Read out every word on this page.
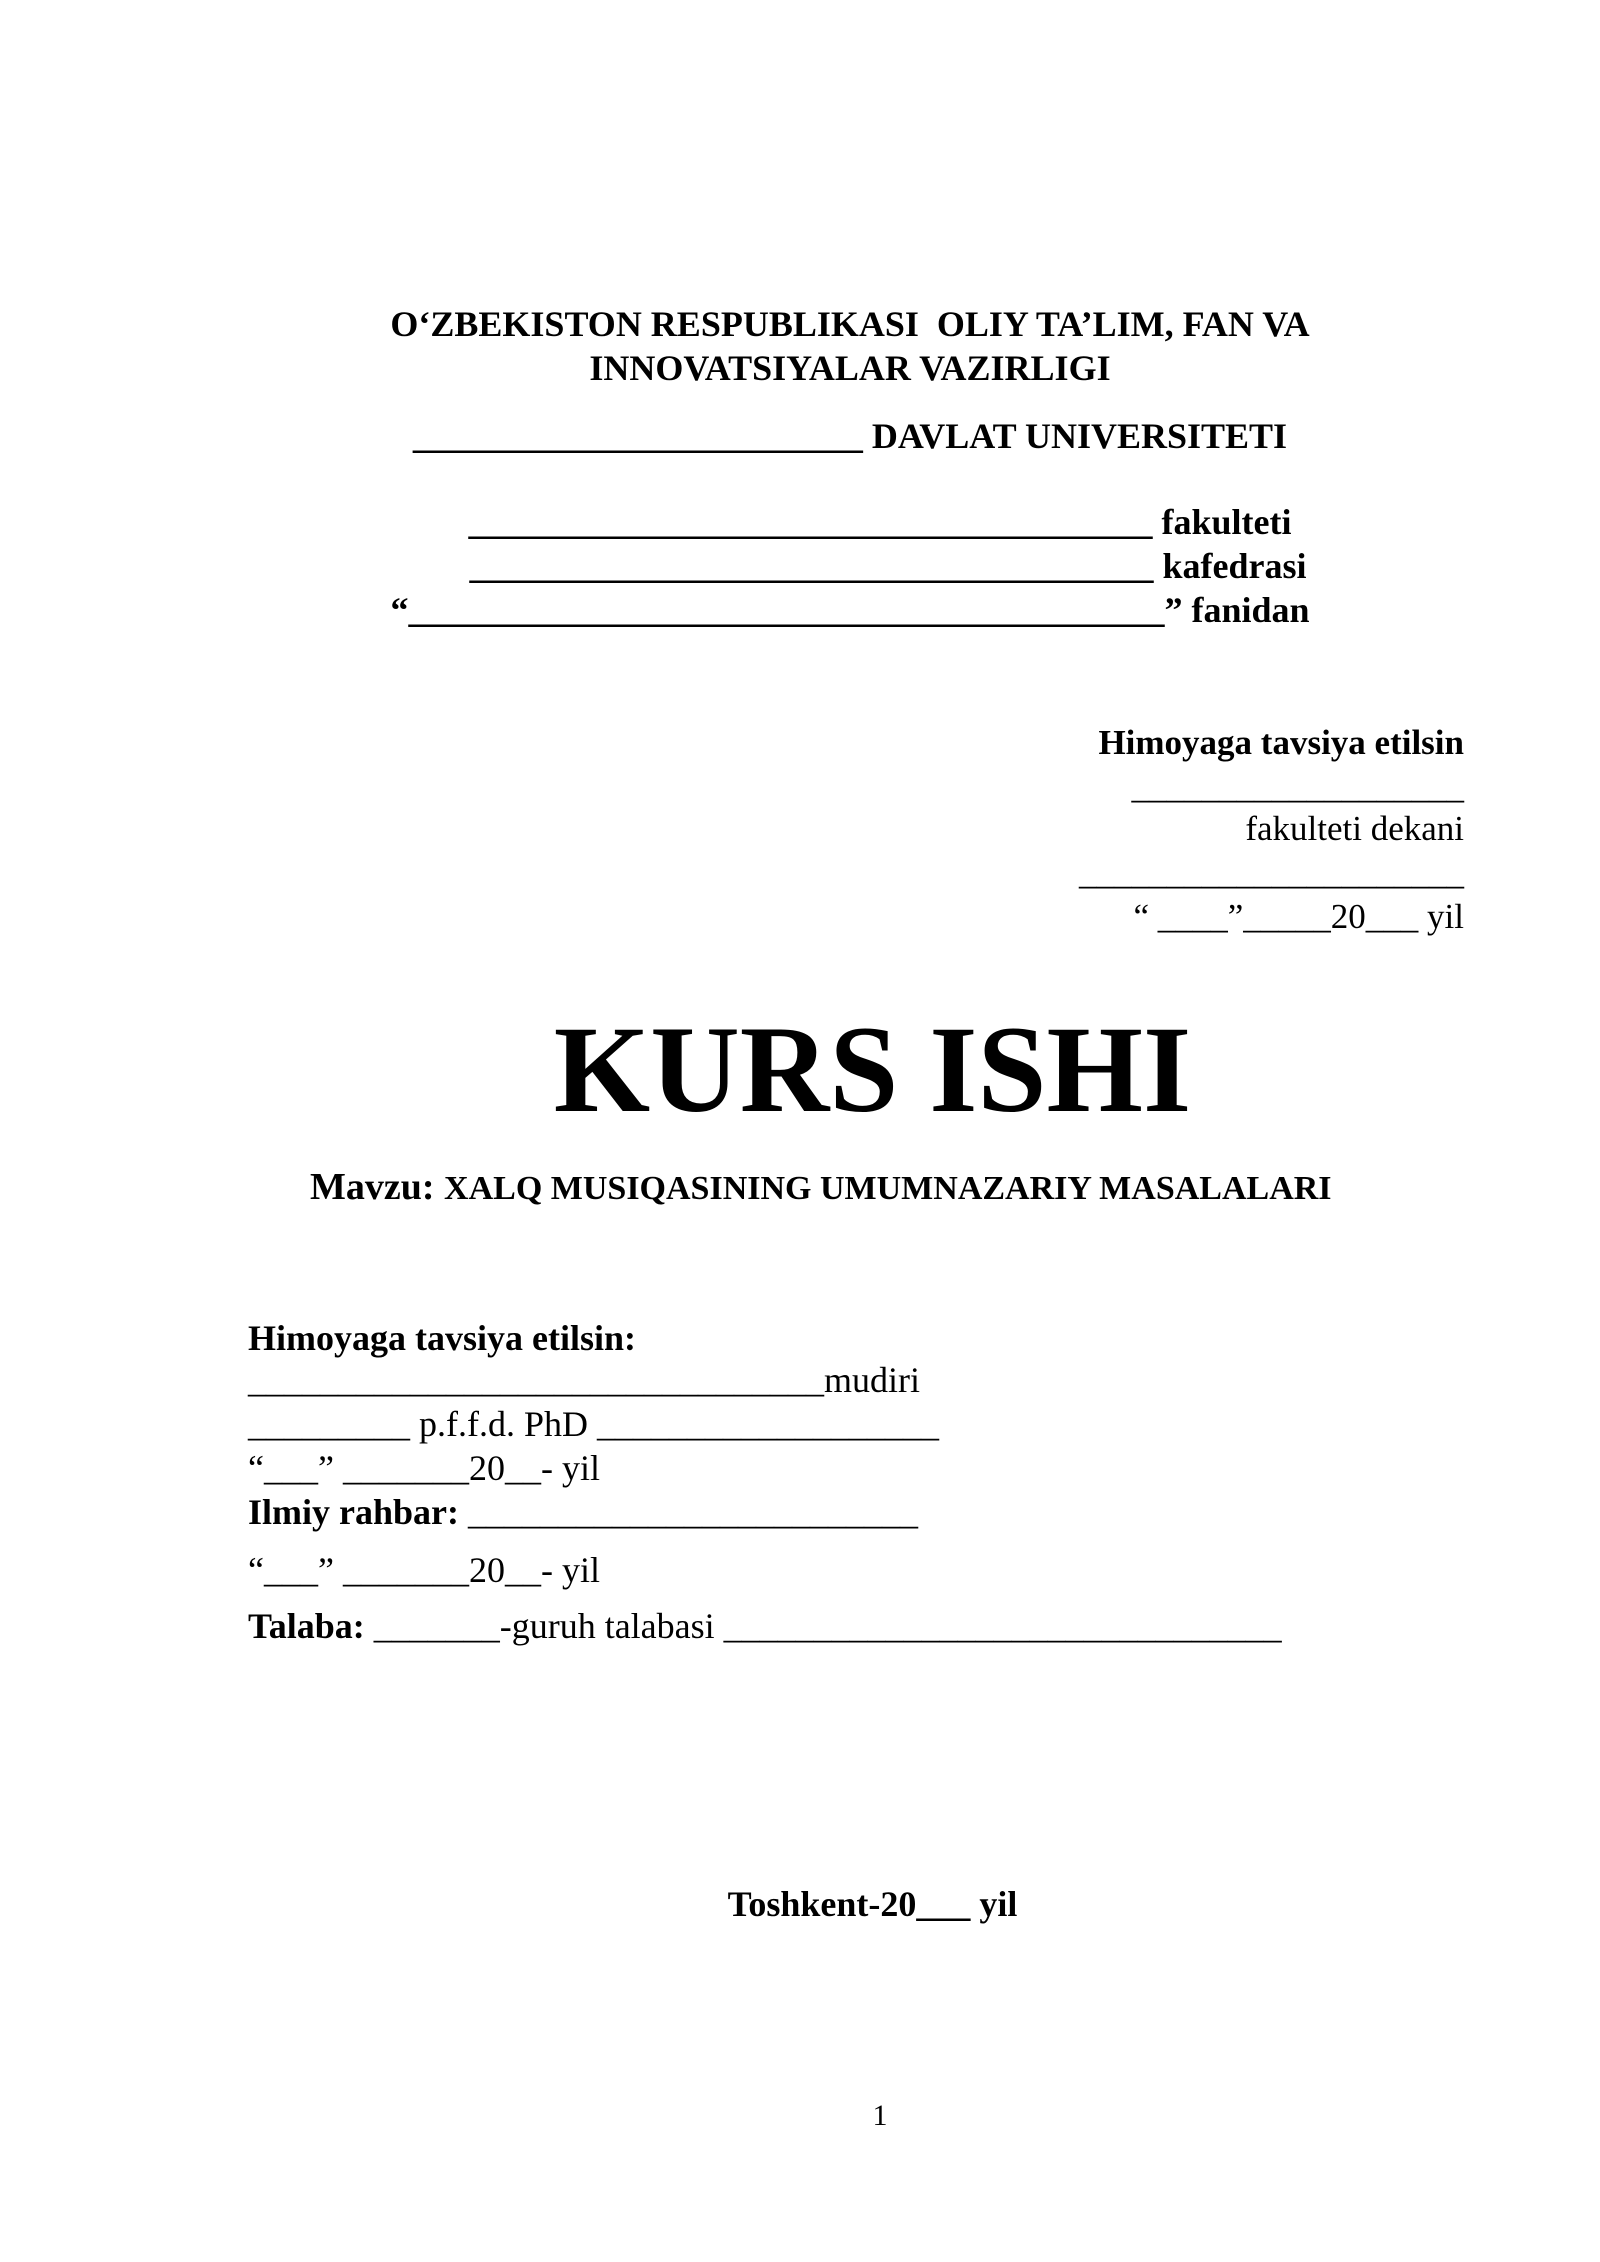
O‘ZBEKISTON RESPUBLIKASI  OLIY TA’LIM, FAN VA
INNOVATSIYALAR VAZIRLIGI
_________________________ DAVLAT UNIVERSITETI
______________________________________ fakulteti
______________________________________ kafedrasi
“__________________________________________” fanidan
Himoyaga tavsiya etilsin
___________________
fakulteti dekani
______________________
“ ____”_____20___ yil
KURS ISHI
Mavzu: XALQ MUSIQASINING UMUMNAZARIY MASALALARI
Himoyaga tavsiya etilsin:
________________________________mudiri
_________ p.f.f.d. PhD ___________________
“___” _______20__- yil
Ilmiy rahbar: _________________________
“___” _______20__- yil
Talaba: _______-guruh talabasi _______________________________
Toshkent-20___ yil
1
